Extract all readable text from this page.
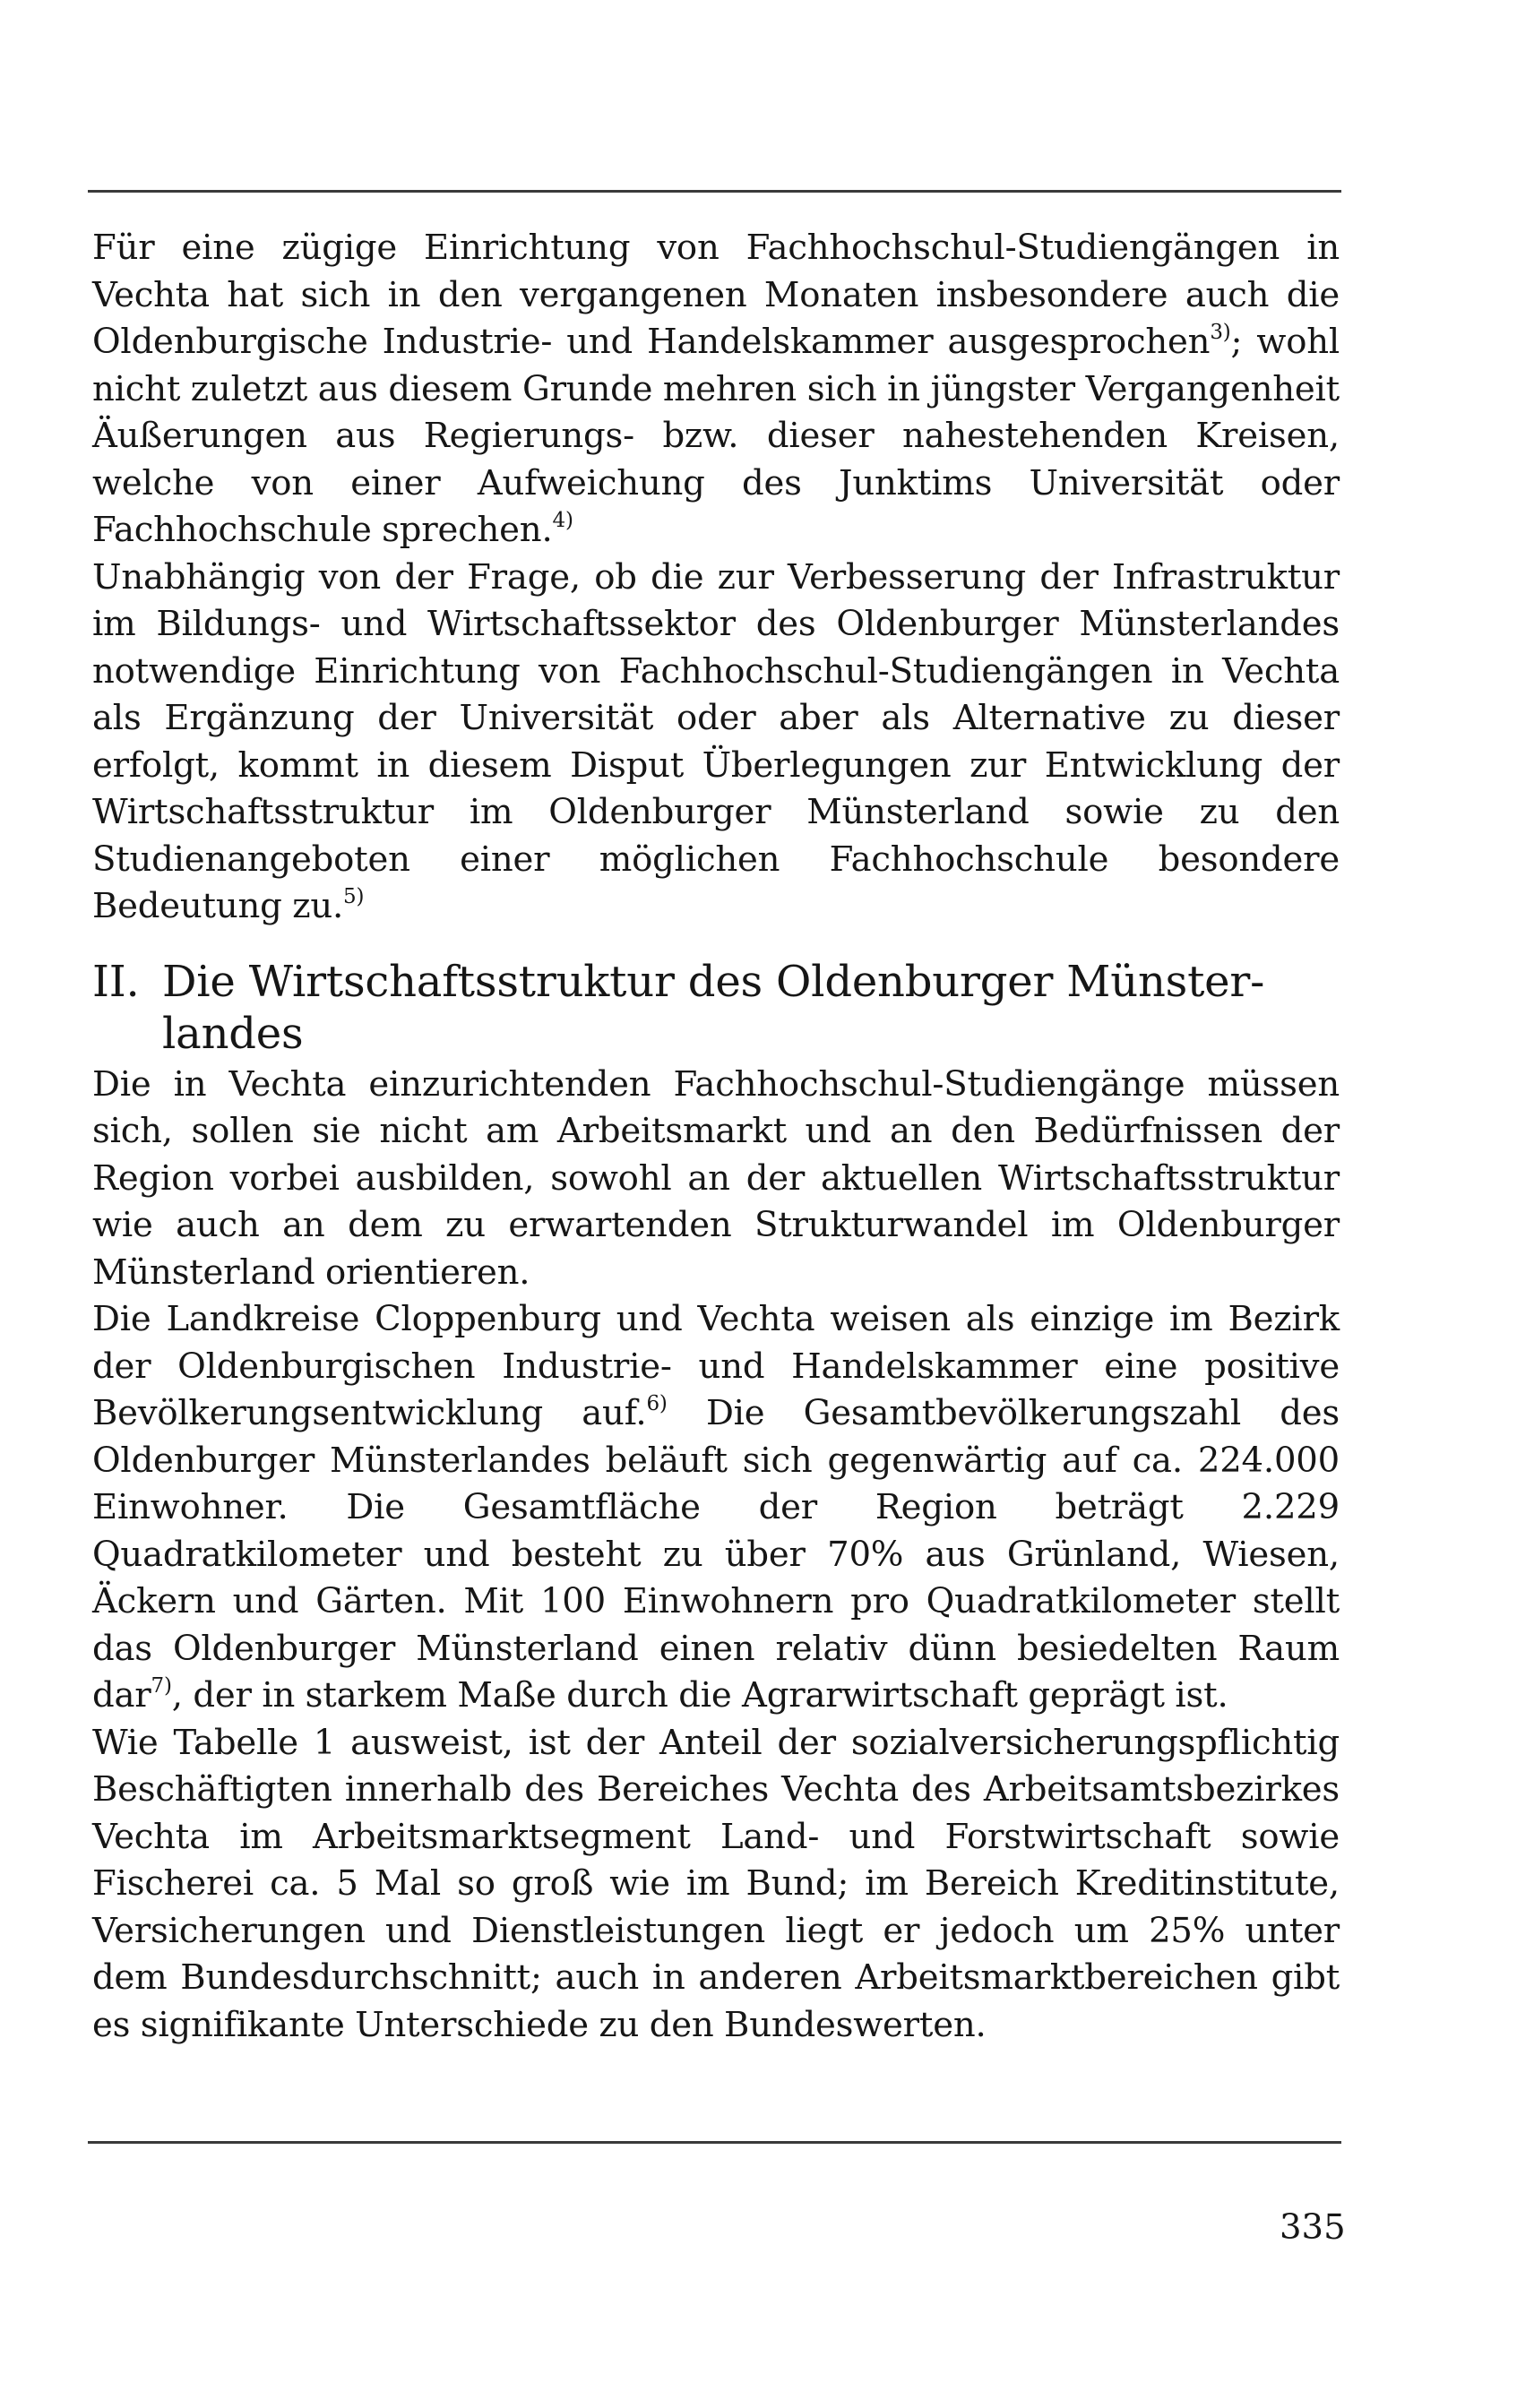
Für eine zügige Einrichtung von Fachhochschul-Studiengängen in Vechta hat sich in den vergangenen Monaten insbesondere auch die Oldenburgische Industrie- und Handelskammer ausgesprochen$^{3)}$; wohl nicht zuletzt aus diesem Grunde mehren sich in jüngster Vergangenheit Äußerungen aus Regierungs- bzw. dieser nahestehenden Kreisen, welche von einer Aufweichung des Junktims Universität oder Fachhochschule sprechen.$^{4)}$

Unabhängig von der Frage, ob die zur Verbesserung der Infrastruktur im Bildungs- und Wirtschaftssektor des Oldenburger Münsterlandes notwendige Einrichtung von Fachhochschul-Studiengängen in Vechta als Ergänzung der Universität oder aber als Alternative zu dieser erfolgt, kommt in diesem Disput Überlegungen zur Entwicklung der Wirtschaftsstruktur im Oldenburger Münsterland sowie zu den Studienangeboten einer möglichen Fachhochschule besondere Bedeutung zu.$^{5)}$

II. Die Wirtschaftsstruktur des Oldenburger Münsterlandes

Die in Vechta einzurichtenden Fachhochschul-Studiengänge müssen sich, sollen sie nicht am Arbeitsmarkt und an den Bedürfnissen der Region vorbei ausbilden, sowohl an der aktuellen Wirtschaftsstruktur wie auch an dem zu erwartenden Strukturwandel im Oldenburger Münsterland orientieren.

Die Landkreise Cloppenburg und Vechta weisen als einzige im Bezirk der Oldenburgischen Industrie- und Handelskammer eine positive Bevölkerungsentwicklung auf.$^{6)}$ Die Gesamtbevölkerungszahl des Oldenburger Münsterlandes beläuft sich gegenwärtig auf ca. 224.000 Einwohner. Die Gesamtfläche der Region beträgt 2.229 Quadratkilometer und besteht zu über 70% aus Grünland, Wiesen, Äckern und Gärten. Mit 100 Einwohnern pro Quadratkilometer stellt das Oldenburger Münsterland einen relativ dünn besiedelten Raum dar$^{7)}$, der in starkem Maße durch die Agrarwirtschaft geprägt ist.

Wie Tabelle 1 ausweist, ist der Anteil der sozialversicherungspflichtig Beschäftigten innerhalb des Bereiches Vechta des Arbeitsamtsbezirkes Vechta im Arbeitsmarktsegment Land- und Forstwirtschaft sowie Fischerei ca. 5 Mal so groß wie im Bund; im Bereich Kreditinstitute, Versicherungen und Dienstleistungen liegt er jedoch um 25% unter dem Bundesdurchschnitt; auch in anderen Arbeitsmarktbereichen gibt es signifikante Unterschiede zu den Bundeswerten.

335
